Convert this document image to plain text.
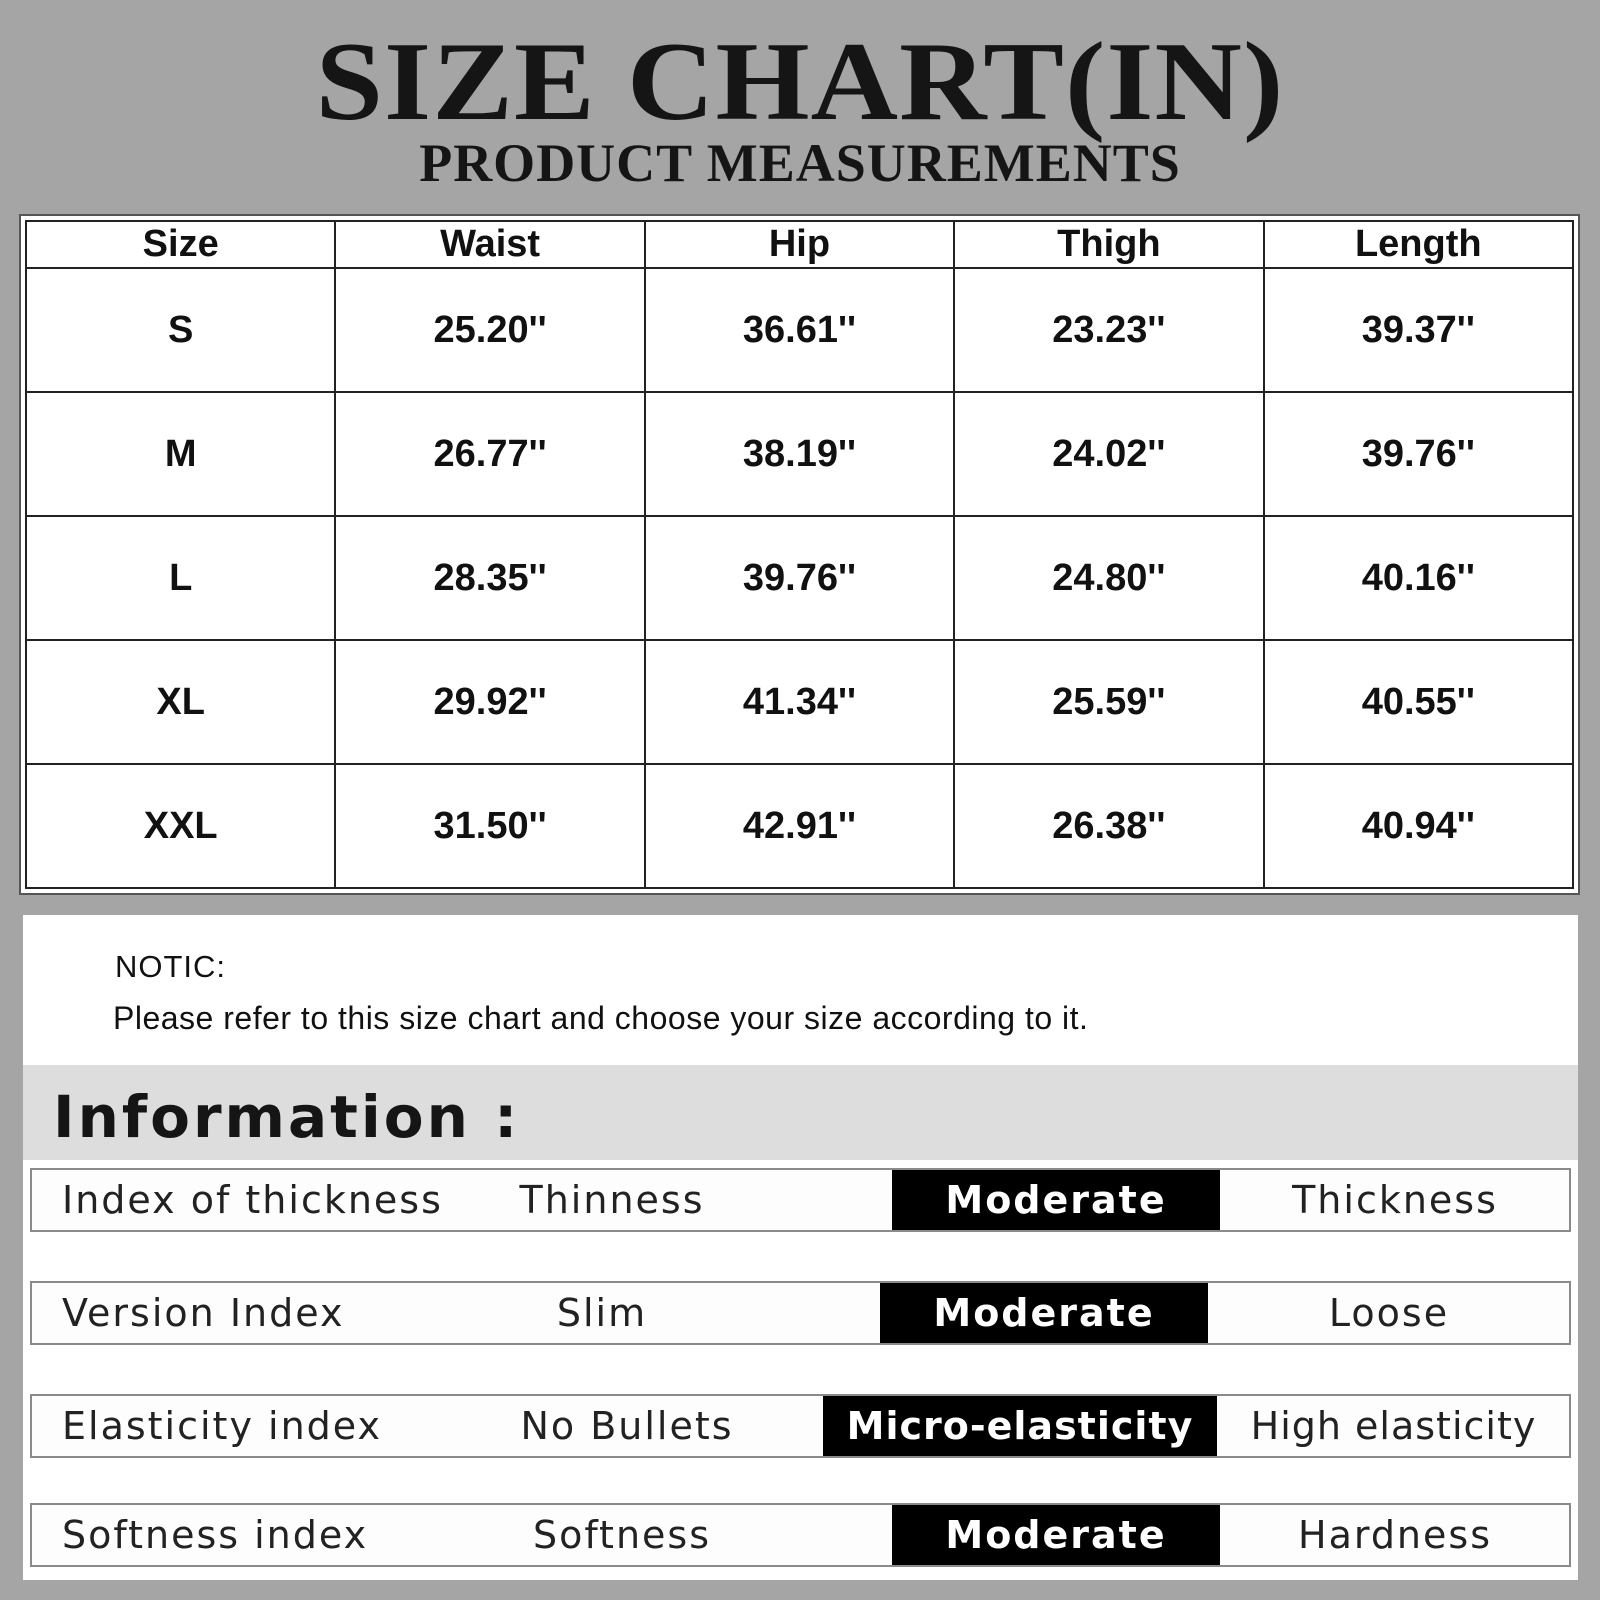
SIZE CHART(IN)
PRODUCT MEASUREMENTS
Size	Waist	Hip	Thigh	Length
S	25.20''	36.61''	23.23''	39.37''
M	26.77''	38.19''	24.02''	39.76''
L	28.35''	39.76''	24.80''	40.16''
XL	29.92''	41.34''	25.59''	40.55''
XXL	31.50''	42.91''	26.38''	40.94''
NOTIC:
Please refer to this size chart and choose your size according to it.
Information :
Index of thickness	Thinness	Moderate	Thickness
Version Index	Slim	Moderate	Loose
Elasticity index	No Bullets	Micro-elasticity	High elasticity
Softness index	Softness	Moderate	Hardness
